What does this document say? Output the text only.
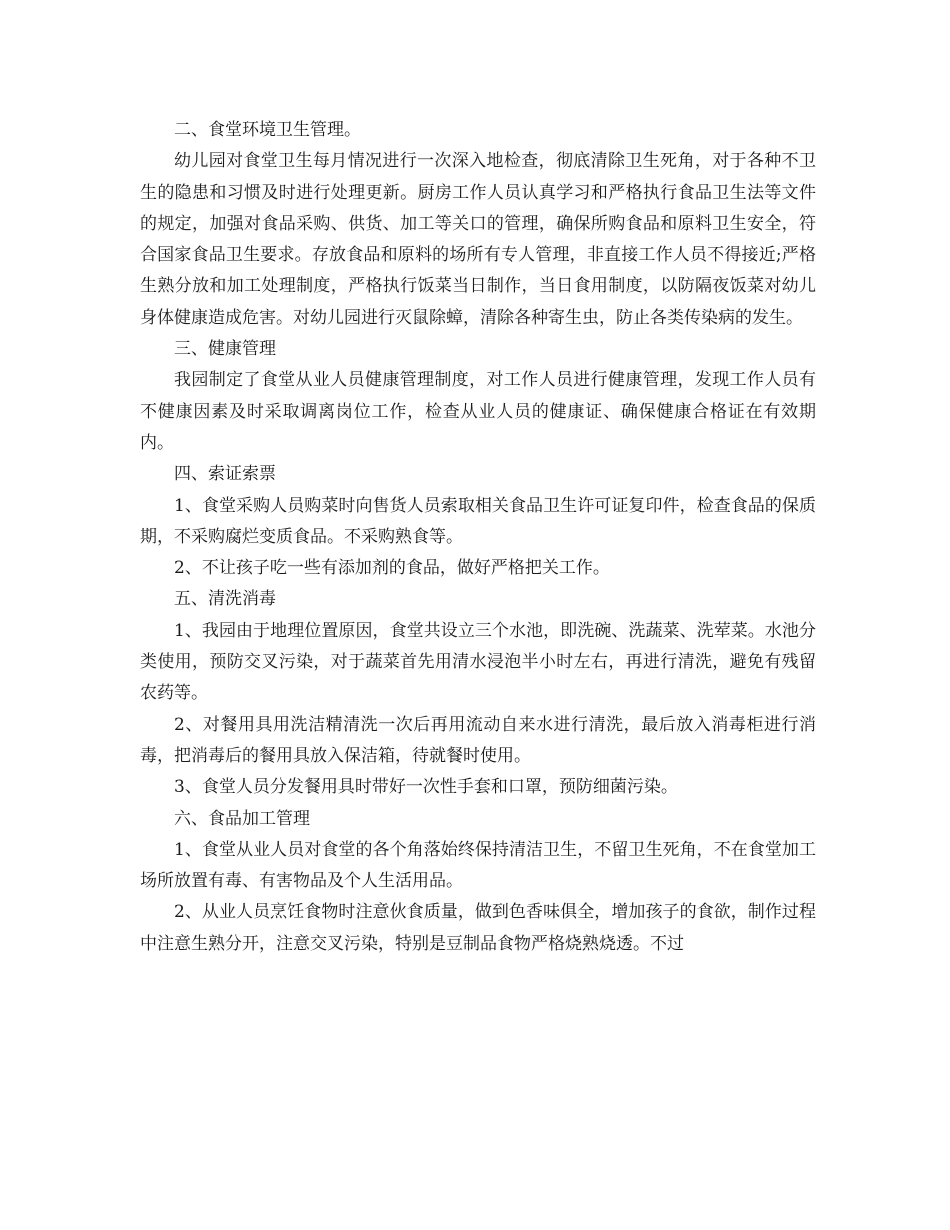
二、食堂环境卫生管理。

幼儿园对食堂卫生每月情况进行一次深入地检查，彻底清除卫生死角，对于各种不卫生的隐患和习惯及时进行处理更新。厨房工作人员认真学习和严格执行食品卫生法等文件的规定，加强对食品采购、供货、加工等关口的管理，确保所购食品和原料卫生安全，符合国家食品卫生要求。存放食品和原料的场所有专人管理，非直接工作人员不得接近;严格生熟分放和加工处理制度，严格执行饭菜当日制作，当日食用制度，以防隔夜饭菜对幼儿身体健康造成危害。对幼儿园进行灭鼠除蟑，清除各种寄生虫，防止各类传染病的发生。

三、健康管理

我园制定了食堂从业人员健康管理制度，对工作人员进行健康管理，发现工作人员有不健康因素及时采取调离岗位工作，检查从业人员的健康证、确保健康合格证在有效期内。

四、索证索票

1、食堂采购人员购菜时向售货人员索取相关食品卫生许可证复印件，检查食品的保质期，不采购腐烂变质食品。不采购熟食等。

2、不让孩子吃一些有添加剂的食品，做好严格把关工作。

五、清洗消毒

1、我园由于地理位置原因，食堂共设立三个水池，即洗碗、洗蔬菜、洗荤菜。水池分类使用，预防交叉污染，对于蔬菜首先用清水浸泡半小时左右，再进行清洗，避免有残留农药等。

2、对餐用具用洗洁精清洗一次后再用流动自来水进行清洗，最后放入消毒柜进行消毒，把消毒后的餐用具放入保洁箱，待就餐时使用。

3、食堂人员分发餐用具时带好一次性手套和口罩，预防细菌污染。

六、食品加工管理

1、食堂从业人员对食堂的各个角落始终保持清洁卫生，不留卫生死角，不在食堂加工场所放置有毒、有害物品及个人生活用品。

2、从业人员烹饪食物时注意伙食质量，做到色香味俱全，增加孩子的食欲，制作过程中注意生熟分开，注意交叉污染，特别是豆制品食物严格烧熟烧透。不过
